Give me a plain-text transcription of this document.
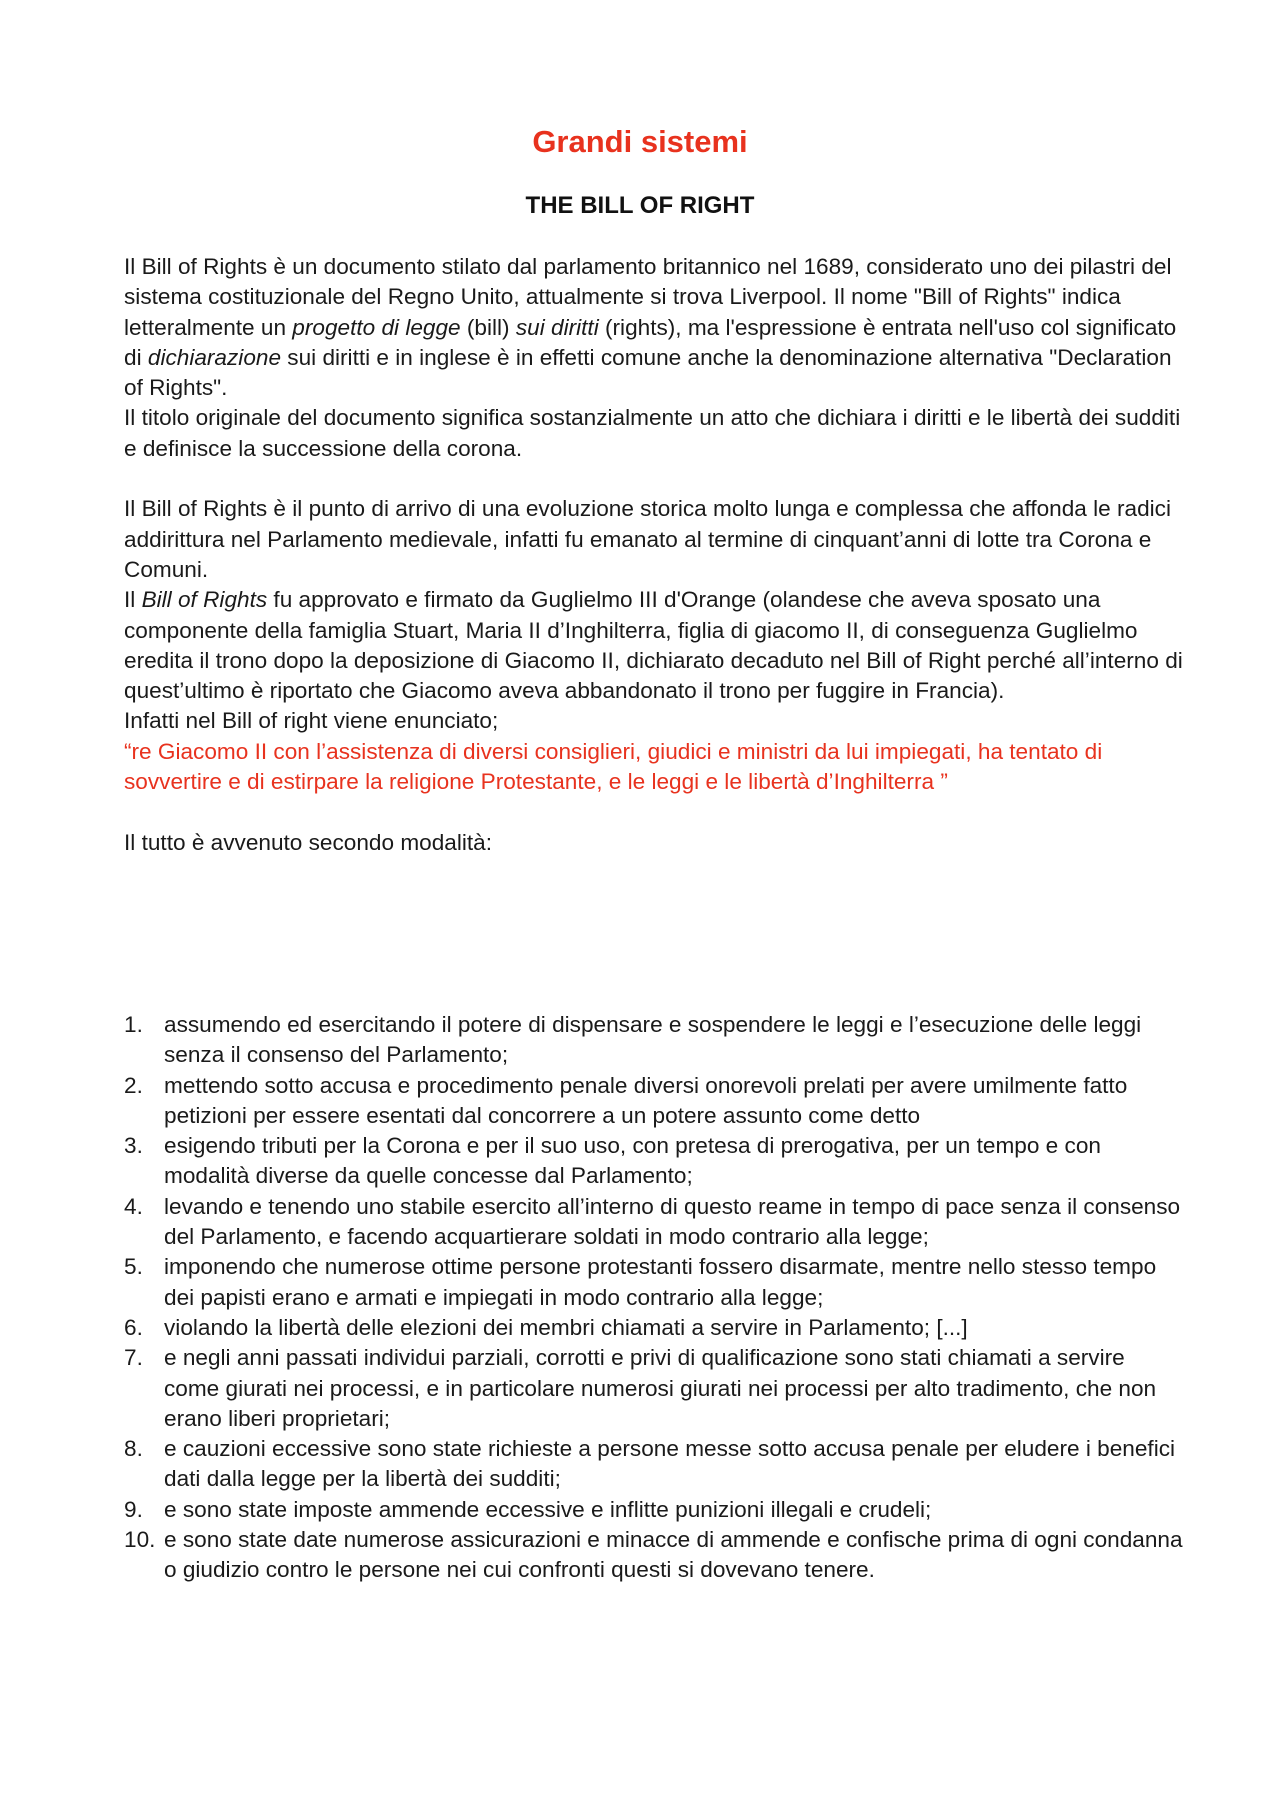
Grandi sistemi
THE BILL OF RIGHT

Il Bill of Rights è un documento stilato dal parlamento britannico nel 1689, considerato uno dei pilastri del sistema costituzionale del Regno Unito, attualmente si trova Liverpool. Il nome "Bill of Rights" indica letteralmente un progetto di legge (bill) sui diritti (rights), ma l'espressione è entrata nell'uso col significato di dichiarazione sui diritti e in inglese è in effetti comune anche la denominazione alternativa "Declaration of Rights".

Il titolo originale del documento significa sostanzialmente un atto che dichiara i diritti e le libertà dei sudditi e definisce la successione della corona.

Il Bill of Rights è il punto di arrivo di una evoluzione storica molto lunga e complessa che affonda le radici addirittura nel Parlamento medievale, infatti fu emanato al termine di cinquant’anni di lotte tra Corona e Comuni.

Il Bill of Rights fu approvato e firmato da Guglielmo III d'Orange (olandese che aveva sposato una componente della famiglia Stuart, Maria II d’Inghilterra, figlia di giacomo II, di conseguenza Guglielmo eredita il trono dopo la deposizione di Giacomo II, dichiarato decaduto nel Bill of Right perché all’interno di quest’ultimo è riportato che Giacomo aveva abbandonato il trono per fuggire in Francia).

Infatti nel Bill of right viene enunciato;

“re Giacomo II con l’assistenza di diversi consiglieri, giudici e ministri da lui impiegati, ha tentato di sovvertire e di estirpare la religione Protestante, e le leggi e le libertà d’Inghilterra ”

Il tutto è avvenuto secondo modalità:

1. assumendo ed esercitando il potere di dispensare e sospendere le leggi e l’esecuzione delle leggi senza il consenso del Parlamento;
2. mettendo sotto accusa e procedimento penale diversi onorevoli prelati per avere umilmente fatto petizioni per essere esentati dal concorrere a un potere assunto come detto
3. esigendo tributi per la Corona e per il suo uso, con pretesa di prerogativa, per un tempo e con modalità diverse da quelle concesse dal Parlamento;
4. levando e tenendo uno stabile esercito all’interno di questo reame in tempo di pace senza il consenso del Parlamento, e facendo acquartierare soldati in modo contrario alla legge;
5. imponendo che numerose ottime persone protestanti fossero disarmate, mentre nello stesso tempo dei papisti erano e armati e impiegati in modo contrario alla legge;
6. violando la libertà delle elezioni dei membri chiamati a servire in Parlamento; [...]
7. e negli anni passati individui parziali, corrotti e privi di qualificazione sono stati chiamati a servire come giurati nei processi, e in particolare numerosi giurati nei processi per alto tradimento, che non erano liberi proprietari;
8. e cauzioni eccessive sono state richieste a persone messe sotto accusa penale per eludere i benefici dati dalla legge per la libertà dei sudditi;
9. e sono state imposte ammende eccessive e inflitte punizioni illegali e crudeli;
10. e sono state date numerose assicurazioni e minacce di ammende e confische prima di ogni condanna o giudizio contro le persone nei cui confronti questi si dovevano tenere.
